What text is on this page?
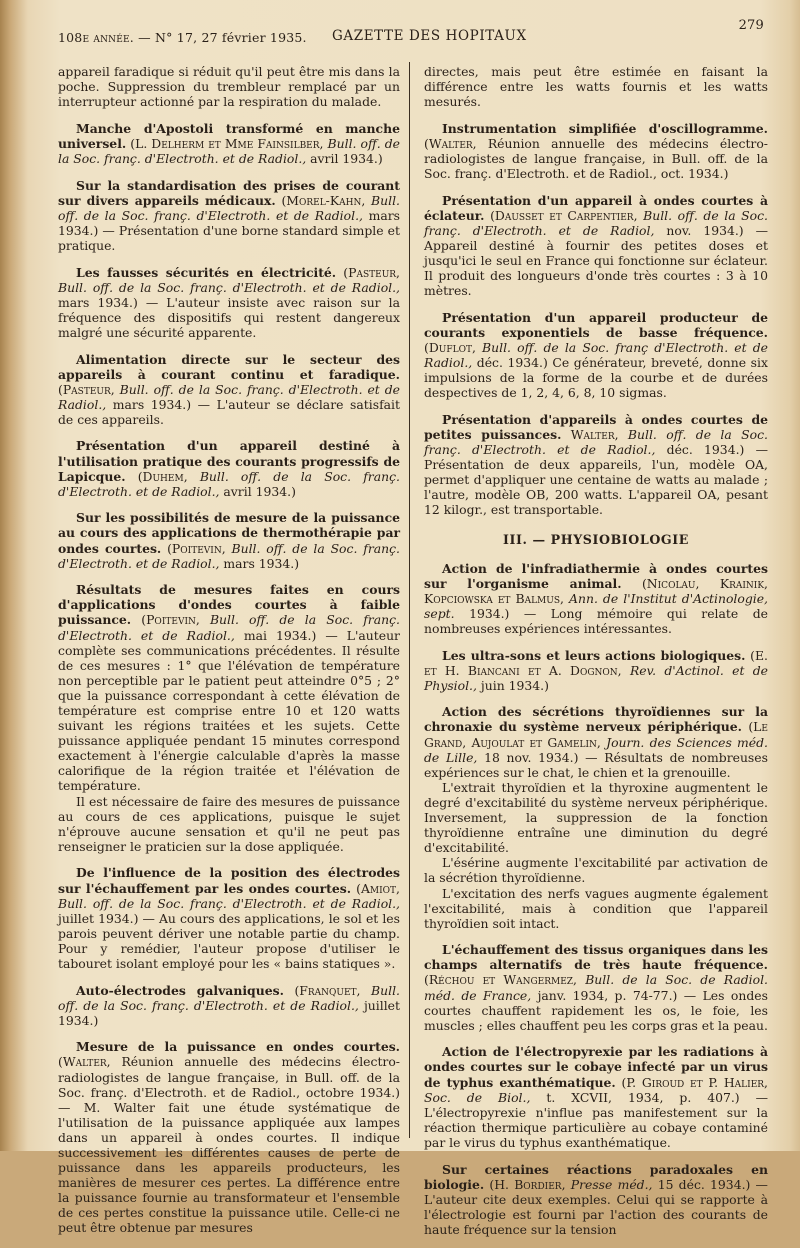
108e année. — N° 17, 27 février 1935. GAZETTE DES HOPITAUX
279

appareil faradique si réduit qu'il peut être mis dans la poche. Suppression du trembleur remplacé par un interrupteur actionné par la respiration du malade.

Manche d'Apostoli transformé en manche universel. (L. Delherm et Mme Fainsilber, Bull. off. de la Soc. franç. d'Electroth. et de Radiol., avril 1934.)

Sur la standardisation des prises de courant sur divers appareils médicaux. (Morel-Kahn, Bull. off. de la Soc. franç. d'Electroth. et de Radiol., mars 1934.) — Présentation d'une borne standard simple et pratique.

Les fausses sécurités en électricité. (Pasteur, Bull. off. de la Soc. franç. d'Electroth. et de Radiol., mars 1934.) — L'auteur insiste avec raison sur la fréquence des dispositifs qui restent dangereux malgré une sécurité apparente.

Alimentation directe sur le secteur des appareils à courant continu et faradique. (Pasteur, Bull. off. de la Soc. franç. d'Electroth. et de Radiol., mars 1934.) — L'auteur se déclare satisfait de ces appareils.

Présentation d'un appareil destiné à l'utilisation pratique des courants progressifs de Lapicque. (Duhem, Bull. off. de la Soc. franç. d'Electroth. et de Radiol., avril 1934.)

Sur les possibilités de mesure de la puissance au cours des applications de thermothérapie par ondes courtes. (Poitevin, Bull. off. de la Soc. franç. d'Electroth. et de Radiol., mars 1934.)

Résultats de mesures faites en cours d'applications d'ondes courtes à faible puissance. (Poitevin, Bull. off. de la Soc. franç. d'Electroth. et de Radiol., mai 1934.) — L'auteur complète ses communications précédentes. Il résulte de ces mesures : 1° que l'élévation de température non perceptible par le patient peut atteindre 0°5 ; 2° que la puissance correspondant à cette élévation de température est comprise entre 10 et 120 watts suivant les régions traitées et les sujets. Cette puissance appliquée pendant 15 minutes correspond exactement à l'énergie calculable d'après la masse calorifique de la région traitée et l'élévation de température.

Il est nécessaire de faire des mesures de puissance au cours de ces applications, puisque le sujet n'éprouve aucune sensation et qu'il ne peut pas renseigner le praticien sur la dose appliquée.

De l'influence de la position des électrodes sur l'échauffement par les ondes courtes. (Amiot, Bull. off. de la Soc. franç. d'Electroth. et de Radiol., juillet 1934.) — Au cours des applications, le sol et les parois peuvent dériver une notable partie du champ. Pour y remédier, l'auteur propose d'utiliser le tabouret isolant employé pour les « bains statiques ».

Auto-électrodes galvaniques. (Franquet, Bull. off. de la Soc. franç. d'Electroth. et de Radiol., juillet 1934.)

Mesure de la puissance en ondes courtes. (Walter, Réunion annuelle des médecins électro-radiologistes de langue française, in Bull. off. de la Soc. franç. d'Electroth. et de Radiol., octobre 1934.) — M. Walter fait une étude systématique de l'utilisation de la puissance appliquée aux lampes dans un appareil à ondes courtes. Il indique successivement les différentes causes de perte de puissance dans les appareils producteurs, les manières de mesurer ces pertes. La différence entre la puissance fournie au transformateur et l'ensemble de ces pertes constitue la puissance utile. Celle-ci ne peut être obtenue par mesures

directes, mais peut être estimée en faisant la différence entre les watts fournis et les watts mesurés.

Instrumentation simplifiée d'oscillogramme. (Walter, Réunion annuelle des médecins électro-radiologistes de langue française, in Bull. off. de la Soc. franç. d'Electroth. et de Radiol., oct. 1934.)

Présentation d'un appareil à ondes courtes à éclateur. (Dausset et Carpentier, Bull. off. de la Soc. franç. d'Electroth. et de Radiol, nov. 1934.) — Appareil destiné à fournir des petites doses et jusqu'ici le seul en France qui fonctionne sur éclateur. Il produit des longueurs d'onde très courtes : 3 à 10 mètres.

Présentation d'un appareil producteur de courants exponentiels de basse fréquence. (Duflot, Bull. off. de la Soc. franç d'Electroth. et de Radiol., déc. 1934.) Ce générateur, breveté, donne six impulsions de la forme de la courbe et de durées despectives de 1, 2, 4, 6, 8, 10 sigmas.

Présentation d'appareils à ondes courtes de petites puissances. Walter, Bull. off. de la Soc. franç. d'Electroth. et de Radiol., déc. 1934.) — Présentation de deux appareils, l'un, modèle OA, permet d'appliquer une centaine de watts au malade ; l'autre, modèle OB, 200 watts. L'appareil OA, pesant 12 kilogr., est transportable.

III. — PHYSIOBIOLOGIE

Action de l'infradiathermie à ondes courtes sur l'organisme animal. (Nicolau, Krainik, Kopciowska et Balmus, Ann. de l'Institut d'Actinologie, sept. 1934.) — Long mémoire qui relate de nombreuses expériences intéressantes.

Les ultra-sons et leurs actions biologiques. (E. et H. Biancani et A. Dognon, Rev. d'Actinol. et de Physiol., juin 1934.)

Action des sécrétions thyroïdiennes sur la chronaxie du système nerveux périphérique. (Le Grand, Aujoulat et Gamelin, Journ. des Sciences méd. de Lille, 18 nov. 1934.) — Résultats de nombreuses expériences sur le chat, le chien et la grenouille.

L'extrait thyroïdien et la thyroxine augmentent le degré d'excitabilité du système nerveux périphérique. Inversement, la suppression de la fonction thyroïdienne entraîne une diminution du degré d'excitabilité.

L'ésérine augmente l'excitabilité par activation de la sécrétion thyroïdienne.

L'excitation des nerfs vagues augmente également l'excitabilité, mais à condition que l'appareil thyroïdien soit intact.

L'échauffement des tissus organiques dans les champs alternatifs de très haute fréquence. (Réchou et Wangermez, Bull. de la Soc. de Radiol. méd. de France, janv. 1934, p. 74-77.) — Les ondes courtes chauffent rapidement les os, le foie, les muscles ; elles chauffent peu les corps gras et la peau.

Action de l'électropyrexie par les radiations à ondes courtes sur le cobaye infecté par un virus de typhus exanthématique. (P. Giroud et P. Halier, Soc. de Biol., t. XCVII, 1934, p. 407.) — L'électropyrexie n'influe pas manifestement sur la réaction thermique particulière au cobaye contaminé par le virus du typhus exanthématique.

Sur certaines réactions paradoxales en biologie. (H. Bordier, Presse méd., 15 déc. 1934.) — L'auteur cite deux exemples. Celui qui se rapporte à l'électrologie est fourni par l'action des courants de haute fréquence sur la tension
